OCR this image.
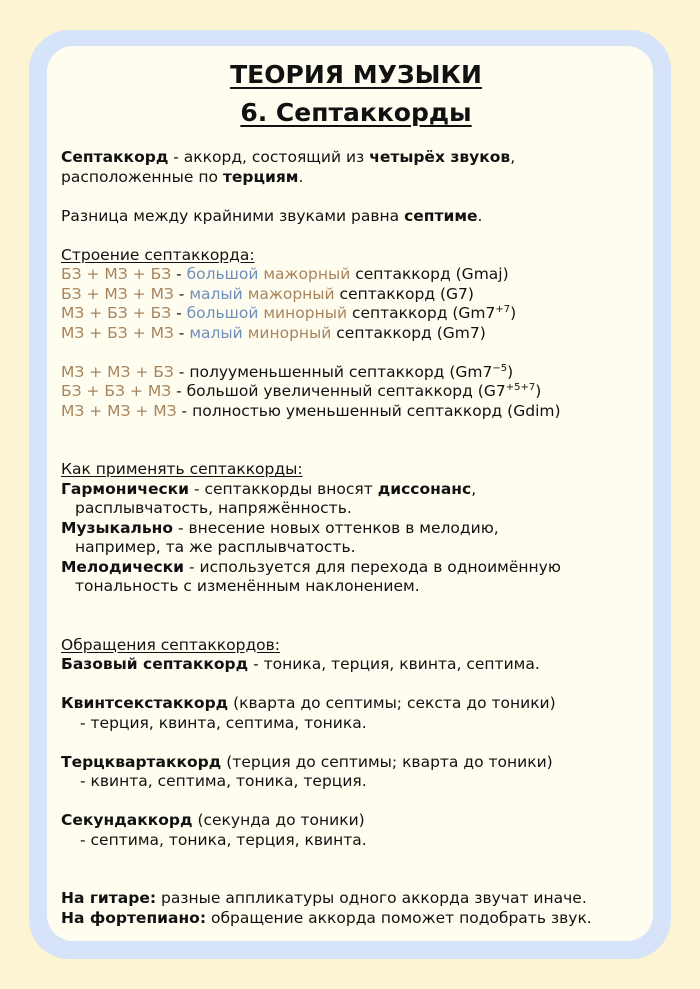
ТЕОРИЯ МУЗЫКИ
6. Септаккорды

Септаккорд - аккорд, состоящий из четырёх звуков,

расположенные по терциям.

Разница между крайними звуками равна септиме.

Строение септаккорда:

БЗ + МЗ + БЗ - большой мажорный септаккорд (Gmaj)

БЗ + МЗ + МЗ - малый мажорный септаккорд (G7)

МЗ + БЗ + БЗ - большой минорный септаккорд $(Gm7^{+7})$

МЗ + БЗ + МЗ - малый минорный септаккорд (Gm7)

МЗ + МЗ + БЗ - полууменьшенный септаккорд $(Gm7^{-5})$

БЗ + БЗ + МЗ - большой увеличенный септаккорд $(G7^{+5+7})$

МЗ + МЗ + МЗ - полностью уменьшенный септаккорд (Gdim)

Как применять септаккорды:

Гармонически - септаккорды вносят диссонанс,

расплывчатость, напряжённость.

Музыкально - внесение новых оттенков в мелодию,

например, та же расплывчатость.

Мелодически - используется для перехода в одноимённую

тональность с изменённым наклонением.

Обращения септаккордов:

Базовый септаккорд - тоника, терция, квинта, септима.

Квинтсекстаккорд (кварта до септимы; секста до тоники)

- терция, квинта, септима, тоника.

Терцквартаккорд (терция до септимы; кварта до тоники)

- квинта, септима, тоника, терция.

Секундаккорд (секунда до тоники)

- септима, тоника, терция, квинта.

На гитаре: разные аппликатуры одного аккорда звучат иначе.

На фортепиано: обращение аккорда поможет подобрать звук.
